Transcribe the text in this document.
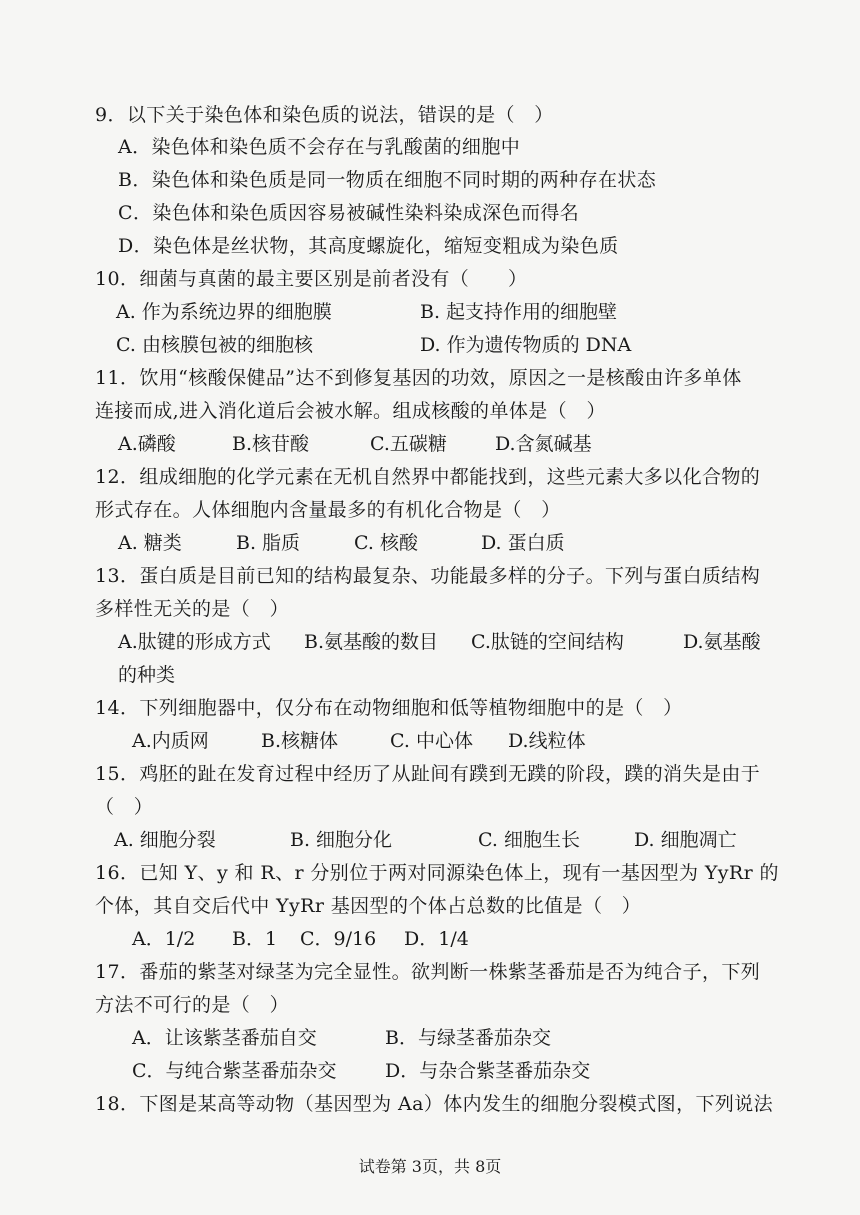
9．以下关于染色体和染色质的说法，错误的是（　）
A．染色体和染色质不会存在与乳酸菌的细胞中
B．染色体和染色质是同一物质在细胞不同时期的两种存在状态
C．染色体和染色质因容易被碱性染料染成深色而得名
D．染色体是丝状物，其高度螺旋化，缩短变粗成为染色质
10．细菌与真菌的最主要区别是前者没有（　　）
A. 作为系统边界的细胞膜	B. 起支持作用的细胞壁
C. 由核膜包被的细胞核	D. 作为遗传物质的 DNA
11．饮用“核酸保健品”达不到修复基因的功效，原因之一是核酸由许多单体
连接而成,进入消化道后会被水解。组成核酸的单体是（　）
A.磷酸	B.核苷酸	C.五碳糖	D.含氮碱基
12．组成细胞的化学元素在无机自然界中都能找到，这些元素大多以化合物的
形式存在。人体细胞内含量最多的有机化合物是（　）
A. 糖类	B. 脂质	C. 核酸	D. 蛋白质
13．蛋白质是目前已知的结构最复杂、功能最多样的分子。下列与蛋白质结构
多样性无关的是（　）
A.肽键的形成方式 B.氨基酸的数目 C.肽链的空间结构	D.氨基酸
的种类
14．下列细胞器中，仅分布在动物细胞和低等植物细胞中的是（　）
A.内质网	B.核糖体	C. 中心体 D.线粒体
15．鸡胚的趾在发育过程中经历了从趾间有蹼到无蹼的阶段，蹼的消失是由于
（　）
A. 细胞分裂	B. 细胞分化	C. 细胞生长	D. 细胞凋亡
16．已知 Y、y 和 R、r 分别位于两对同源染色体上，现有一基因型为 YyRr 的
个体，其自交后代中 YyRr 基因型的个体占总数的比值是（　）
A．1/2 B．1 C．9/16 D．1/4
17．番茄的紫茎对绿茎为完全显性。欲判断一株紫茎番茄是否为纯合子，下列
方法不可行的是（　）
A．让该紫茎番茄自交	B．与绿茎番茄杂交
C．与纯合紫茎番茄杂交	D．与杂合紫茎番茄杂交
18．下图是某高等动物（基因型为 Aa）体内发生的细胞分裂模式图，下列说法
试卷第 3页，共 8页
